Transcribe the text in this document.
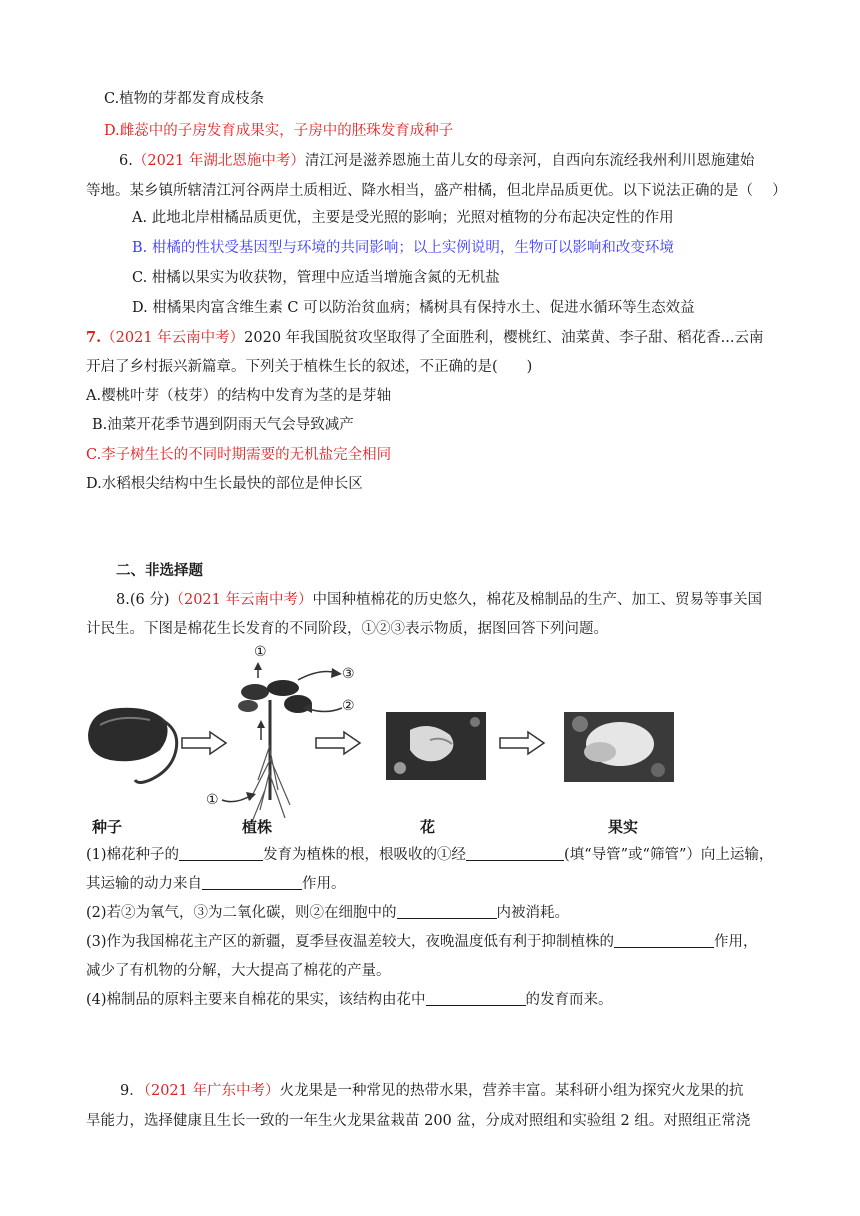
C.植物的芽都发育成枝条
D.雌蕊中的子房发育成果实，子房中的胚珠发育成种子
6.（2021 年湖北恩施中考）清江河是滋养恩施土苗儿女的母亲河，自西向东流经我州利川恩施建始
等地。某乡镇所辖清江河谷两岸土质相近、降水相当，盛产柑橘，但北岸品质更优。以下说法正确的是（　 ）
A. 此地北岸柑橘品质更优，主要是受光照的影响；光照对植物的分布起决定性的作用
B. 柑橘的性状受基因型与环境的共同影响；以上实例说明，生物可以影响和改变环境
C. 柑橘以果实为收获物，管理中应适当增施含氮的无机盐
D. 柑橘果肉富含维生素 C 可以防治贫血病；橘树具有保持水土、促进水循环等生态效益
7.（2021 年云南中考）2020 年我国脱贫攻坚取得了全面胜利，樱桃红、油菜黄、李子甜、稻花香...云南
开启了乡村振兴新篇章。下列关于植株生长的叙述，不正确的是(　　)
A.樱桃叶芽（枝芽）的结构中发育为茎的是芽轴
B.油菜开花季节遇到阴雨天气会导致减产
C.李子树生长的不同时期需要的无机盐完全相同
D.水稻根尖结构中生长最快的部位是伸长区
二、非选择题
8.(6 分)（2021 年云南中考）中国种植棉花的历史悠久，棉花及棉制品的生产、加工、贸易等事关国
计民生。下图是棉花生长发育的不同阶段，①②③表示物质，据图回答下列问题。
①
③
②
①
种子	植株	花	果实
(1)棉花种子的	发育为植株的根，根吸收的①经	(填“导管”或“筛管”）向上运输，
其运输的动力来自	作用。
(2)若②为氧气，③为二氧化碳，则②在细胞中的	内被消耗。
(3)作为我国棉花主产区的新疆，夏季昼夜温差较大，夜晚温度低有利于抑制植株的	作用，
减少了有机物的分解，大大提高了棉花的产量。
(4)棉制品的原料主要来自棉花的果实，该结构由花中	的发育而来。
9．（2021 年广东中考）火龙果是一种常见的热带水果，营养丰富。某科研小组为探究火龙果的抗
旱能力，选择健康且生长一致的一年生火龙果盆栽苗 200 盆，分成对照组和实验组 2 组。对照组正常浇
